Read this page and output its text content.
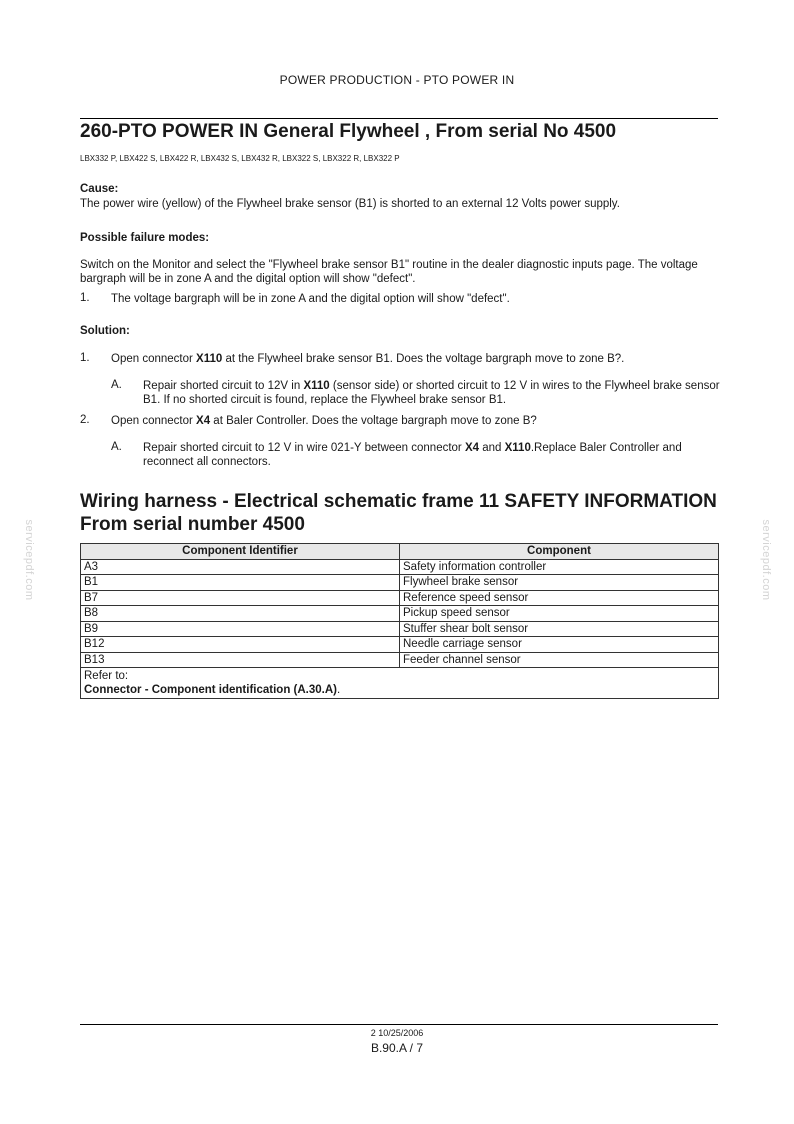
POWER PRODUCTION - PTO POWER IN
260-PTO POWER IN General Flywheel , From serial No 4500
LBX332 P, LBX422 S, LBX422 R, LBX432 S, LBX432 R, LBX322 S, LBX322 R, LBX322 P
Cause:
The power wire (yellow) of the Flywheel brake sensor (B1) is shorted to an external 12 Volts power supply.
Possible failure modes:
Switch on the Monitor and select the "Flywheel brake sensor B1" routine in the dealer diagnostic inputs page. The voltage bargraph will be in zone A and the digital option will show "defect".
1. The voltage bargraph will be in zone A and the digital option will show "defect".
Solution:
1. Open connector X110 at the Flywheel brake sensor B1. Does the voltage bargraph move to zone B?.
A. Repair shorted circuit to 12V in X110 (sensor side) or shorted circuit to 12 V in wires to the Flywheel brake sensor B1. If no shorted circuit is found, replace the Flywheel brake sensor B1.
2. Open connector X4 at Baler Controller. Does the voltage bargraph move to zone B?
A. Repair shorted circuit to 12 V in wire 021-Y between connector X4 and X110.Replace Baler Controller and reconnect all connectors.
Wiring harness - Electrical schematic frame 11 SAFETY INFORMATION From serial number 4500
Component Identifier	Component
A3	Safety information controller
B1	Flywheel brake sensor
B7	Reference speed sensor
B8	Pickup speed sensor
B9	Stuffer shear bolt sensor
B12	Needle carriage sensor
B13	Feeder channel sensor

Refer to:
Connector - Component identification (A.30.A).	
servicepdf.com	servicepdf.com
2 10/25/2006
B.90.A / 7
